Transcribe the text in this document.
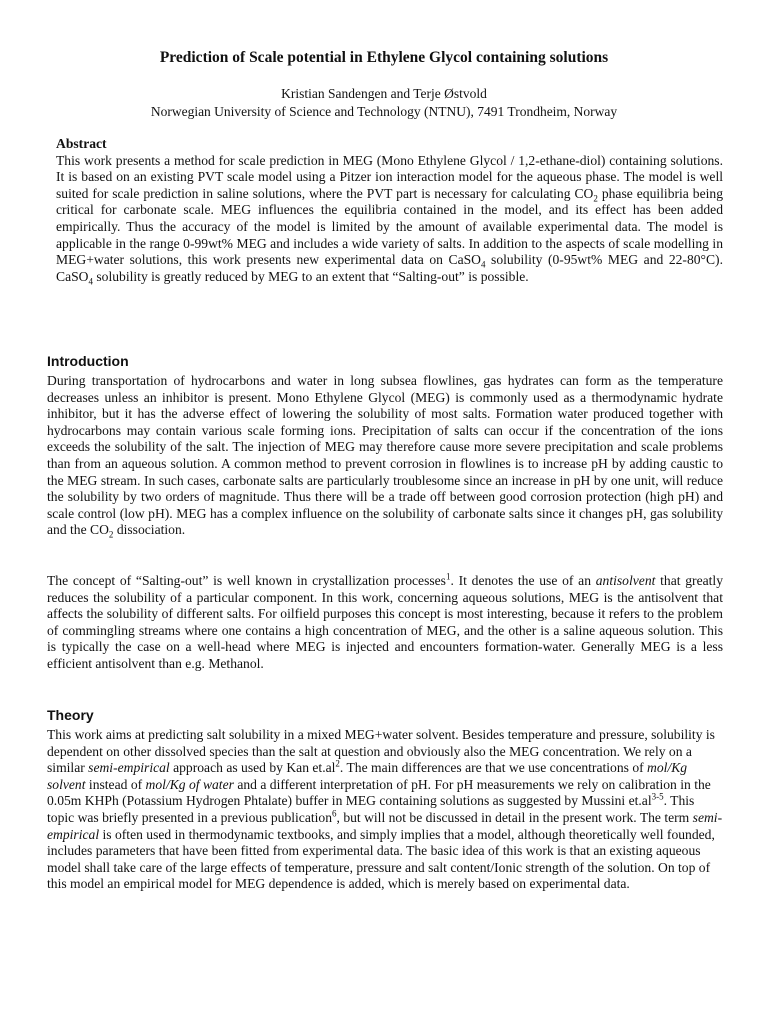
Prediction of Scale potential in Ethylene Glycol containing solutions
Kristian Sandengen and Terje Østvold
Norwegian University of Science and Technology (NTNU), 7491 Trondheim, Norway

Abstract

This work presents a method for scale prediction in MEG (Mono Ethylene Glycol / 1,2-ethane-diol) containing solutions. It is based on an existing PVT scale model using a Pitzer ion interaction model for the aqueous phase. The model is well suited for scale prediction in saline solutions, where the PVT part is necessary for calculating $CO_2$ phase equilibria being critical for carbonate scale. MEG influences the equilibria contained in the model, and its effect has been added empirically. Thus the accuracy of the model is limited by the amount of available experimental data. The model is applicable in the range 0-99wt% MEG and includes a wide variety of salts. In addition to the aspects of scale modelling in MEG+water solutions, this work presents new experimental data on CaSO$_4$ solubility (0-95wt% MEG and 22-80°C). CaSO$_4$ solubility is greatly reduced by MEG to an extent that “Salting-out” is possible.

Introduction

During transportation of hydrocarbons and water in long subsea flowlines, gas hydrates can form as the temperature decreases unless an inhibitor is present. Mono Ethylene Glycol (MEG) is commonly used as a thermodynamic hydrate inhibitor, but it has the adverse effect of lowering the solubility of most salts. Formation water produced together with hydrocarbons may contain various scale forming ions. Precipitation of salts can occur if the concentration of the ions exceeds the solubility of the salt. The injection of MEG may therefore cause more severe precipitation and scale problems than from an aqueous solution. A common method to prevent corrosion in flowlines is to increase pH by adding caustic to the MEG stream. In such cases, carbonate salts are particularly troublesome since an increase in pH by one unit, will reduce the solubility by two orders of magnitude. Thus there will be a trade off between good corrosion protection (high pH) and scale control (low pH). MEG has a complex influence on the solubility of carbonate salts since it changes pH, gas solubility and the $CO_2$ dissociation.

The concept of “Salting-out” is well known in crystallization processes$^1$. It denotes the use of an antisolvent that greatly reduces the solubility of a particular component. In this work, concerning aqueous solutions, MEG is the antisolvent that affects the solubility of different salts. For oilfield purposes this concept is most interesting, because it refers to the problem of commingling streams where one contains a high concentration of MEG, and the other is a saline aqueous solution. This is typically the case on a well-head where MEG is injected and encounters formation-water. Generally MEG is a less efficient antisolvent than e.g. Methanol.

Theory

This work aims at predicting salt solubility in a mixed MEG+water solvent. Besides temperature and pressure, solubility is dependent on other dissolved species than the salt at question and obviously also the MEG concentration. We rely on a similar semi-empirical approach as used by Kan $et.al^2$. The main differences are that we use concentrations of mol/Kg solvent instead of mol/Kg of water and a different interpretation of pH. For pH measurements we rely on calibration in the 0.05m KHPh (Potassium Hydrogen Phtalate) buffer in MEG containing solutions as suggested by Mussini $et.al^{3-5}$. This topic was briefly presented in a previous publication$^6$, but will not be discussed in detail in the present work. The term semi-empirical is often used in thermodynamic textbooks, and simply implies that a model, although theoretically well founded, includes parameters that have been fitted from experimental data. The basic idea of this work is that an existing aqueous model shall take care of the large effects of temperature, pressure and salt content/Ionic strength of the solution. On top of this model an empirical model for MEG dependence is added, which is merely based on experimental data.
